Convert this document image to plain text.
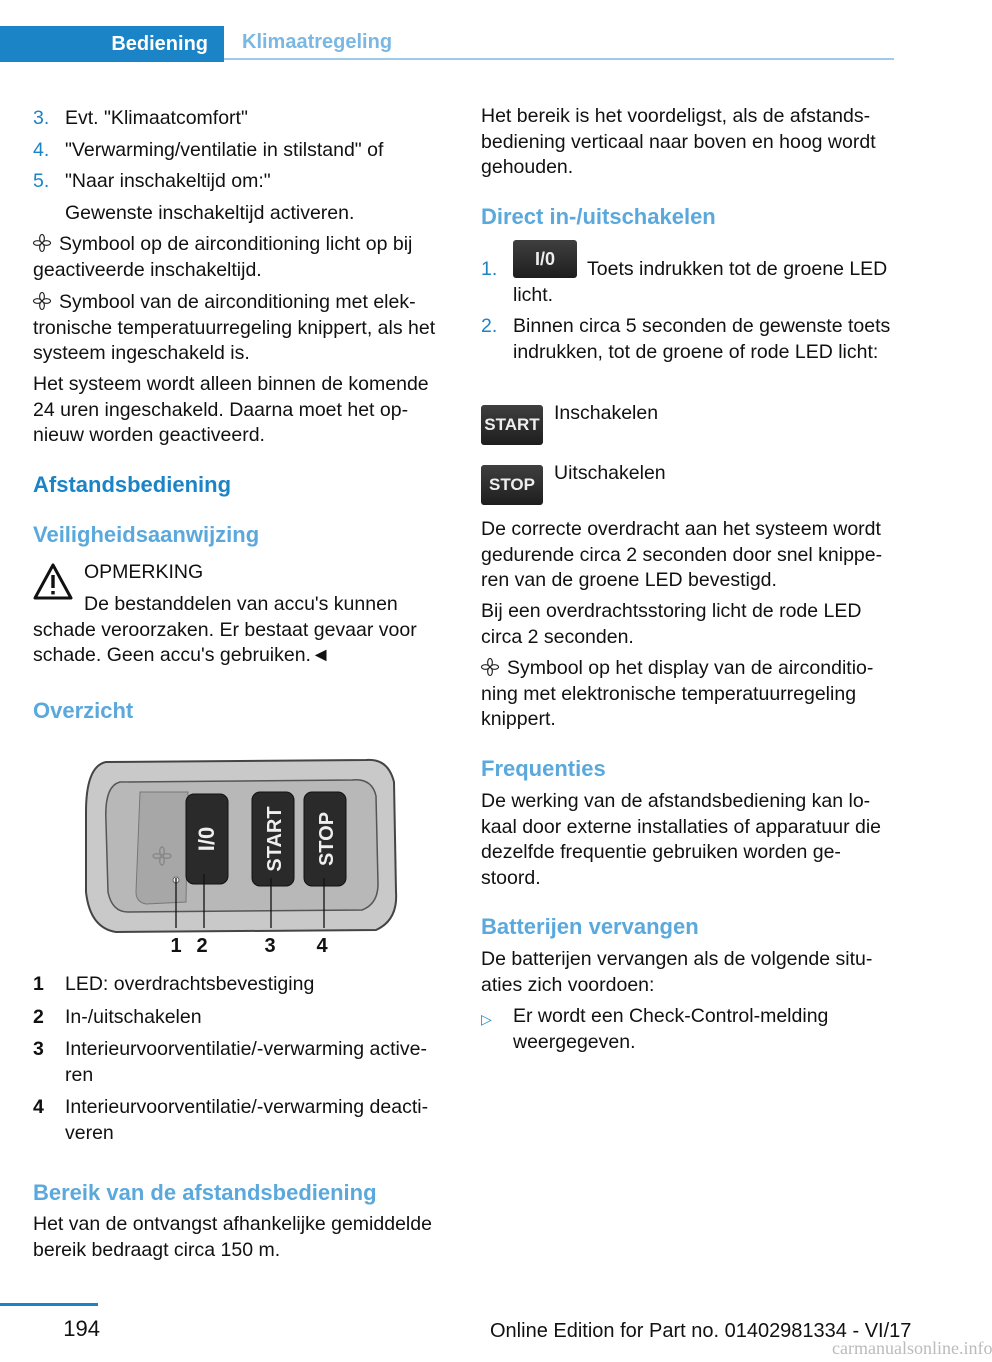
Bediening	Klimaatregeling
3. Evt. "Klimaatcomfort"
4. "Verwarming/ventilatie in stilstand" of
5. "Naar inschakeltijd om:"
Gewenste inschakeltijd activeren.
Symbool op de airconditioning licht op bij geactiveerde inschakeltijd.
Symbool van de airconditioning met elek-tronische temperatuurregeling knippert, als het systeem ingeschakeld is.

Het systeem wordt alleen binnen de komende 24 uren ingeschakeld. Daarna moet het op-nieuw worden geactiveerd.

Afstandsbediening
Veiligheidsaanwijzing
OPMERKING
De bestanddelen van accu's kunnen schade veroorzaken. Er bestaat gevaar voor schade. Geen accu's gebruiken.◄
Overzicht
I/0 START STOP
1 2	3 4
1	LED: overdrachtsbevestiging
2	In-/uitschakelen
3	Interieurvoorventilatie/-verwarming active-ren
4	Interieurvoorventilatie/-verwarming deacti-veren
Bereik van de afstandsbediening

Het van de ontvangst afhankelijke gemiddelde bereik bedraagt circa 150 m.

Het bereik is het voordeligst, als de afstands-bediening verticaal naar boven en hoog wordt gehouden.

Direct in-/uitschakelen
1.	I/0	Toets indrukken tot de groene LED licht.
2. Binnen circa 5 seconden de gewenste toets indrukken, tot de groene of rode LED licht:
START
Inschakelen
STOP
Uitschakelen

De correcte overdracht aan het systeem wordt gedurende circa 2 seconden door snel knippe-ren van de groene LED bevestigd.

Bij een overdrachtsstoring licht de rode LED circa 2 seconden.

Symbool op het display van de airconditio-ning met elektronische temperatuurregeling knippert.
Frequenties

De werking van de afstandsbediening kan lo-kaal door externe installaties of apparatuur die dezelfde frequentie gebruiken worden ge-stoord.

Batterijen vervangen

De batterijen vervangen als de volgende situ-aties zich voordoen:

▷	Er wordt een Check-Control-melding weergegeven.
194	Online Edition for Part no. 01402981334 - VI/17
carmanualsonline.info
